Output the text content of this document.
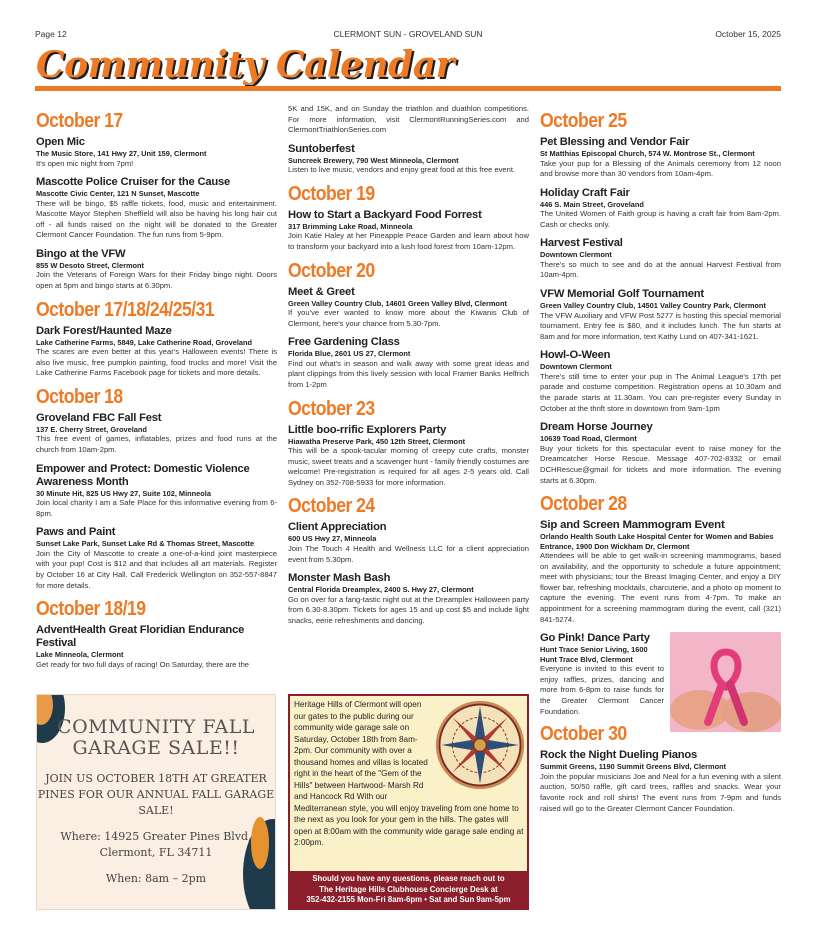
Page 12	CLERMONT SUN - GROVELAND SUN	October 15, 2025
Community Calendar
October 17
Open Mic
The Music Store, 141 Hwy 27, Unit 159, Clermont
It's open mic night from 7pm!
Mascotte Police Cruiser for the Cause
Mascotte Civic Center, 121 N Sunset, Mascotte
There will be bingo, $5 raffle tickets, food, music and entertainment. Mascotte Mayor Stephen Sheffield will also be having his long hair cut off - all funds raised on the night will be donated to the Greater Clermont Cancer Foundation. The fun runs from 5-9pm.
Bingo at the VFW
855 W Desoto Street, Clermont
Join the Veterans of Foreign Wars for their Friday bingo night. Doors open at 5pm and bingo starts at 6.30pm.
October 17/18/24/25/31
Dark Forest/Haunted Maze
Lake Catherine Farms, 5849, Lake Catherine Road, Groveland
The scares are even better at this year's Halloween events! There is also live music, free pumpkin painting, food trucks and more! Visit the Lake Catherine Farms Facebook page for tickets and more details.
October 18
Groveland FBC Fall Fest
137 E. Cherry Street, Groveland
This free event of games, inflatables, prizes and food runs at the church from 10am-2pm.
Empower and Protect: Domestic Violence Awareness Month
30 Minute Hit, 825 US Hwy 27, Suite 102, Minneola
Join local charity I am a Safe Place for this informative evening from 6-8pm.
Paws and Paint
Sunset Lake Park, Sunset Lake Rd & Thomas Street, Mascotte
Join the City of Mascotte to create a one-of-a-kind joint masterpiece with your pup! Cost is $12 and that includes all art materials. Register by October 16 at City Hall. Call Frederick Wellington on 352-557-8847 for more details.
October 18/19
AdventHealth Great Floridian Endurance Festival
Lake Minneola, Clermont
Get ready for two full days of racing! On Saturday, there are the
5K and 15K, and on Sunday the triathlon and duathlon competitions. For more information, visit ClermontRunningSeries.com and ClermontTriathlonSeries.com
Suntoberfest
Suncreek Brewery, 790 West Minneola, Clermont
Listen to live music, vendors and enjoy great food at this free event.
October 19
How to Start a Backyard Food Forrest
317 Brimming Lake Road, Minneola
Join Katie Haley at her Pineapple Peace Garden and learn about how to transform your backyard into a lush food forest from 10am-12pm.
October 20
Meet & Greet
Green Valley Country Club, 14601 Green Valley Blvd, Clermont
If you've ever wanted to know more about the Kiwanis Club of Clermont, here's your chance from 5.30-7pm.
Free Gardening Class
Florida Blue, 2601 US 27, Clermont
Find out what's in season and walk away with some great ideas and plant clippings from this lively session with local Framer Banks Helfrich from 1-2pm
October 23
Little boo-rrific Explorers Party
Hiawatha Preserve Park, 450 12th Street, Clermont
This will be a spook-tacular morning of creepy cute crafts, monster music, sweet treats and a scavenger hunt - family friendly costumes are welcome! Pre-registration is required for all ages 2-5 years old. Call Sydney on 352-708-5933 for more information.
October 24
Client Appreciation
600 US Hwy 27, Minneola
Join The Touch 4 Health and Wellness LLC for a client appreciation event from 5.30pm.
Monster Mash Bash
Central Florida Dreamplex, 2400 S. Hwy 27, Clermont
Go on over for a fang-tastic night out at the Dreamplex Halloween party from 6.30-8.30pm. Tickets for ages 15 and up cost $5 and include light snacks, eerie refreshments and dancing.
October 25
Pet Blessing and Vendor Fair
St Matthias Episcopal Church, 574 W. Montrose St., Clermont
Take your pup for a Blessing of the Animals ceremony from 12 noon and browse more than 30 vendors from 10am-4pm.
Holiday Craft Fair
446 S. Main Street, Groveland
The United Women of Faith group is having a craft fair from 8am-2pm. Cash or checks only.
Harvest Festival
Downtown Clermont
There's so much to see and do at the annual Harvest Festival from 10am-4pm.
VFW Memorial Golf Tournament
Green Valley Country Club, 14501 Valley Country Park, Clermont
The VFW Auxiliary and VFW Post 5277 is hosting this special memorial tournament. Entry fee is $80, and it includes lunch. The fun starts at 8am and for more information, text Kathy Lund on 407-341-1621.
Howl-O-Ween
Downtown Clermont
There's still time to enter your pup in The Animal League's 17th pet parade and costume competition. Registration opens at 10.30am and the parade starts at 11.30am. You can pre-register every Sunday in October at the thrift store in downtown from 9am-1pm
Dream Horse Journey
10639 Toad Road, Clermont
Buy your tickets for this spectacular event to raise money for the Dreamcatcher Horse Rescue. Message 407-702-8332 or email DCHRescue@gmail for tickets and more information. The evening starts at 6.30pm.
October 28
Sip and Screen Mammogram Event
Orlando Health South Lake Hospital Center for Women and Babies Entrance, 1900 Don Wickham Dr, Clermont
Attendees will be able to get walk-in screening mammograms, based on availability, and the opportunity to schedule a future appointment; meet with physicians; tour the Breast Imaging Center, and enjoy a DIY flower bar, refreshing mocktails, charcuterie, and a photo op moment to capture the evening. The event runs from 4-7pm. To make an appointment for a screening mammogram during the event, call (321) 841-5274.
Go Pink! Dance Party
Hunt Trace Senior Living, 1600 Hunt Trace Blvd, Clermont
Everyone is invited to this event to enjoy raffles, prizes, dancing and more from 6-8pm to raise funds for the Greater Clermont Cancer Foundation.
October 30
Rock the Night Dueling Pianos
Summit Greens, 1190 Summit Greens Blvd, Clermont
Join the popular musicians Joe and Neal for a fun evening with a silent auction, 50/50 raffle, gift card trees, raffles and snacks. Wear your favorite rock and roll shirts! The event runs from 7-9pm and funds raised will go to the Greater Clermont Cancer Foundation.
COMMUNITY FALL GARAGE SALE!!
JOIN US OCTOBER 18TH AT GREATER PINES FOR OUR ANNUAL FALL GARAGE SALE!
Where: 14925 Greater Pines Blvd, Clermont, FL 34711
When: 8am – 2pm
Heritage Hills of Clermont will open our gates to the public during our community wide garage sale on Saturday, October 18th from 8am-2pm. Our community with over a thousand homes and villas is located right in the heart of the "Gem of the Hills" between Hartwood- Marsh Rd and Hancock Rd With our Mediterranean style, you will enjoy traveling from one home to the next as you look for your gem in the hills. The gates will open at 8:00am with the community wide garage sale ending at 2:00pm.
Should you have any questions, please reach out to
The Heritage Hills Clubhouse Concierge Desk at
352-432-2155 Mon-Fri 8am-6pm • Sat and Sun 9am-5pm
